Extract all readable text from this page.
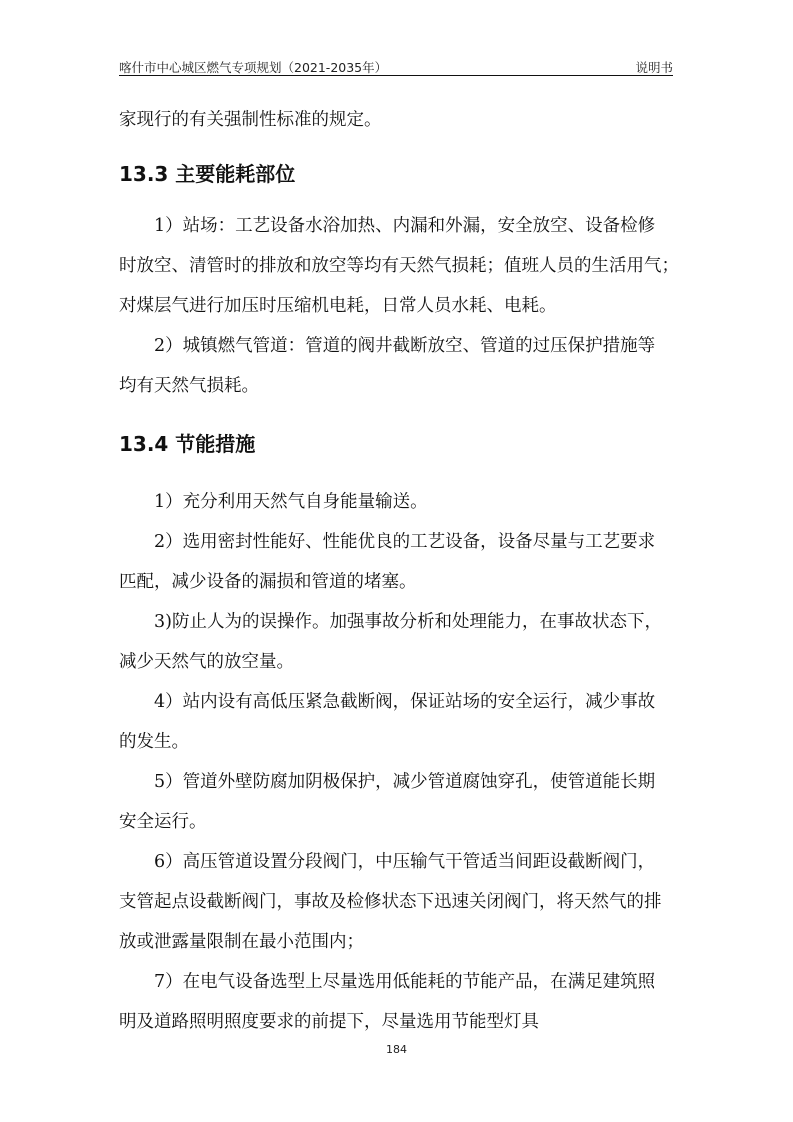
喀什市中心城区燃气专项规划（2021-2035年）	说明书

家现行的有关强制性标准的规定。

13.3 主要能耗部位

1）站场：工艺设备水浴加热、内漏和外漏，安全放空、设备检修

时放空、清管时的排放和放空等均有天然气损耗；值班人员的生活用气；

对煤层气进行加压时压缩机电耗，日常人员水耗、电耗。

2）城镇燃气管道：管道的阀井截断放空、管道的过压保护措施等

均有天然气损耗。

13.4 节能措施

1）充分利用天然气自身能量输送。

2）选用密封性能好、性能优良的工艺设备，设备尽量与工艺要求

匹配，减少设备的漏损和管道的堵塞。

3)防止人为的误操作。加强事故分析和处理能力，在事故状态下，

减少天然气的放空量。

4）站内设有高低压紧急截断阀，保证站场的安全运行，减少事故

的发生。

5）管道外壁防腐加阴极保护，减少管道腐蚀穿孔，使管道能长期

安全运行。

6）高压管道设置分段阀门，中压输气干管适当间距设截断阀门，

支管起点设截断阀门，事故及检修状态下迅速关闭阀门，将天然气的排

放或泄露量限制在最小范围内；

7）在电气设备选型上尽量选用低能耗的节能产品，在满足建筑照

明及道路照明照度要求的前提下，尽量选用节能型灯具

184
